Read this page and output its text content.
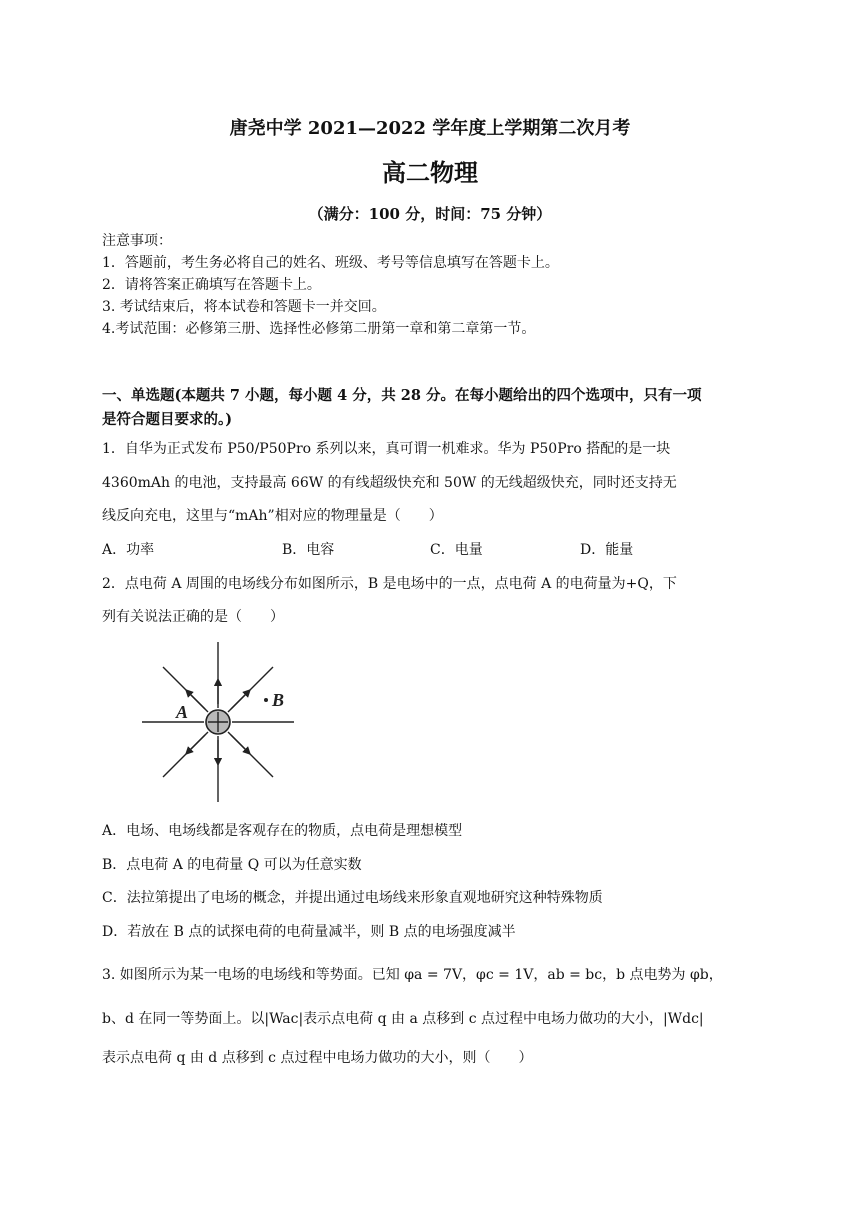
唐尧中学 2021—2022 学年度上学期第二次月考
高二物理
（满分：100 分，时间：75 分钟）
注意事项：
1．答题前，考生务必将自己的姓名、班级、考号等信息填写在答题卡上。
2．请将答案正确填写在答题卡上。
3. 考试结束后，将本试卷和答题卡一并交回。
4.考试范围：必修第三册、选择性必修第二册第一章和第二章第一节。
一、单选题(本题共 7 小题，每小题 4 分，共 28 分。在每小题给出的四个选项中，只有一项
是符合题目要求的。)
1．自华为正式发布 P50/P50Pro 系列以来，真可谓一机难求。华为 P50Pro 搭配的是一块
4360mAh 的电池，支持最高 66W 的有线超级快充和 50W 的无线超级快充，同时还支持无
线反向充电，这里与“mAh”相对应的物理量是（　　）
A．功率	B．电容	C．电量	D．能量
2．点电荷 A 周围的电场线分布如图所示，B 是电场中的一点，点电荷 A 的电荷量为+Q，下
列有关说法正确的是（　　）
A
B
A．电场、电场线都是客观存在的物质，点电荷是理想模型
B．点电荷 A 的电荷量 Q 可以为任意实数
C．法拉第提出了电场的概念，并提出通过电场线来形象直观地研究这种特殊物质
D．若放在 B 点的试探电荷的电荷量减半，则 B 点的电场强度减半
3. 如图所示为某一电场的电场线和等势面。已知 φa = 7V，φc = 1V，ab = bc，b 点电势为 φb，
b、d 在同一等势面上。以|Wac|表示点电荷 q 由 a 点移到 c 点过程中电场力做功的大小，|Wdc|
表示点电荷 q 由 d 点移到 c 点过程中电场力做功的大小，则（　　）
